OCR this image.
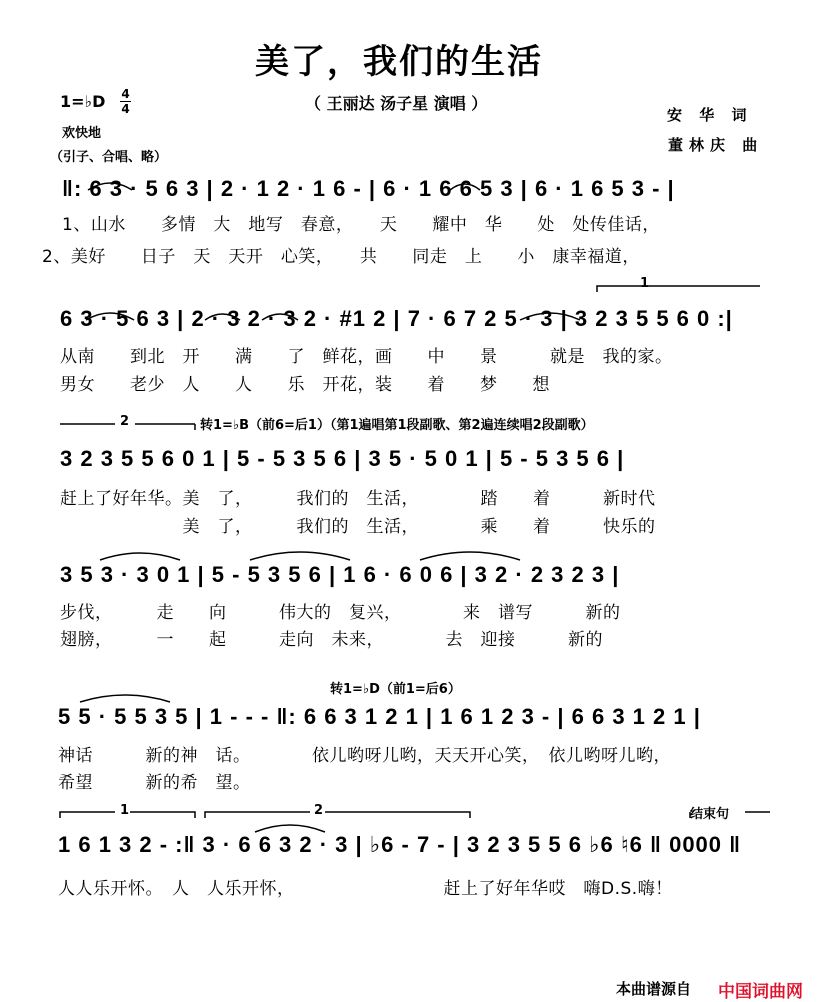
美了，我们的生活
（ 王丽达 汤子星 演唱 ）
1=♭D 4
4
欢快地
（引子、合唱、略）
安 华 词
董林庆 曲
‖: 6 3 · 5 6 3 | 2 · 1 2 · 1 6 - | 6 · 1 6 6 5 3 | 6 · 1 6 5 3 - |
1、山水　　多情　大　地写　春意，　　天　　耀中　华　　处　处传佳话，
2、美好　　日子　天　天开　心笑，　　共　　同走　上　　小　康幸福道，
6 3 · 5 6 3 | 2 · 3 2 · 3 2 · #1 2 | 7 · 6 7 2 5 · 3 | 3 2 3 5 5 6 0 :|
从南　　到北　开　　满　　了　鲜花，画　　中　　景　　　就是　我的家。
男女　　老少　人　　人　　乐　开花，装　　着　　梦　　想
1
2	转1=♭B（前6=后1）（第1遍唱第1段副歌、第2遍连续唱2段副歌）
3 2 3 5 5 6 0 1 | 5 - 5 3 5 6 | 3 5 · 5 0 1 | 5 - 5 3 5 6 |
赶上了好年华。美　了，　　　我们的　生活，　　　　踏　　着　　　新时代
　　　　　　　美　了，　　　我们的　生活，　　　　乘　　着　　　快乐的
3 5 3 · 3 0 1 | 5 - 5 3 5 6 | 1 6 · 6 0 6 | 3 2 · 2 3 2 3 |
步伐，　　　走　　向　　　伟大的　复兴，　　　　来　谱写　　　新的
翅膀，　　　一　　起　　　走向　未来，　　　　去　迎接　　　新的
转1=♭D（前1=后6）
5 5 · 5 5 3 5 | 1 - - - ‖: 6 6 3 1 2 1 | 1 6 1 2 3 - | 6 6 3 1 2 1 |
神话　　　新的神　话。　　　　依儿哟呀儿哟，天天开心笑，　依儿哟呀儿哟，
希望　　　新的希　望。
1	2	结束句
1 6 1 3 2 - :‖ 3 · 6 6 3 2 · 3 | ♭6 - 7 - | 3 2 3 5 5 6 ♭6 ♮6 ‖ 0000 ‖
人人乐开怀。　人　人乐开怀，　　　　　　　　　赶上了好年华哎　嗨D.S.嗨！
本曲谱源自 中国词曲网
